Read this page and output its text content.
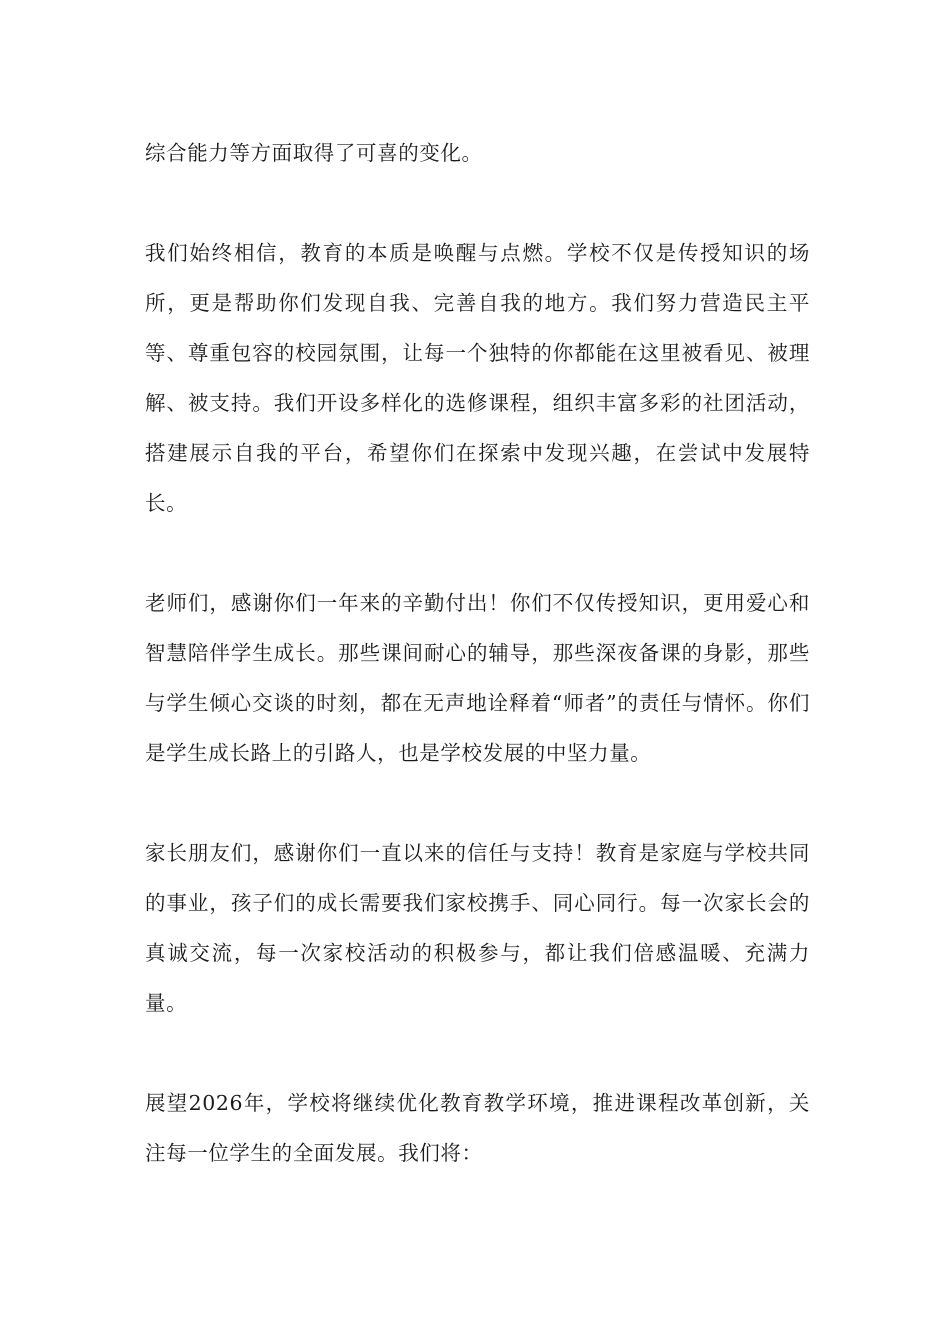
综合能力等方面取得了可喜的变化。

我们始终相信，教育的本质是唤醒与点燃。学校不仅是传授知识的场所，更是帮助你们发现自我、完善自我的地方。我们努力营造民主平等、尊重包容的校园氛围，让每一个独特的你都能在这里被看见、被理解、被支持。我们开设多样化的选修课程，组织丰富多彩的社团活动，搭建展示自我的平台，希望你们在探索中发现兴趣，在尝试中发展特长。

老师们，感谢你们一年来的辛勤付出！你们不仅传授知识，更用爱心和智慧陪伴学生成长。那些课间耐心的辅导，那些深夜备课的身影，那些与学生倾心交谈的时刻，都在无声地诠释着“师者”的责任与情怀。你们是学生成长路上的引路人，也是学校发展的中坚力量。

家长朋友们，感谢你们一直以来的信任与支持！教育是家庭与学校共同的事业，孩子们的成长需要我们家校携手、同心同行。每一次家长会的真诚交流，每一次家校活动的积极参与，都让我们倍感温暖、充满力量。

展望2026年，学校将继续优化教育教学环境，推进课程改革创新，关注每一位学生的全面发展。我们将：
